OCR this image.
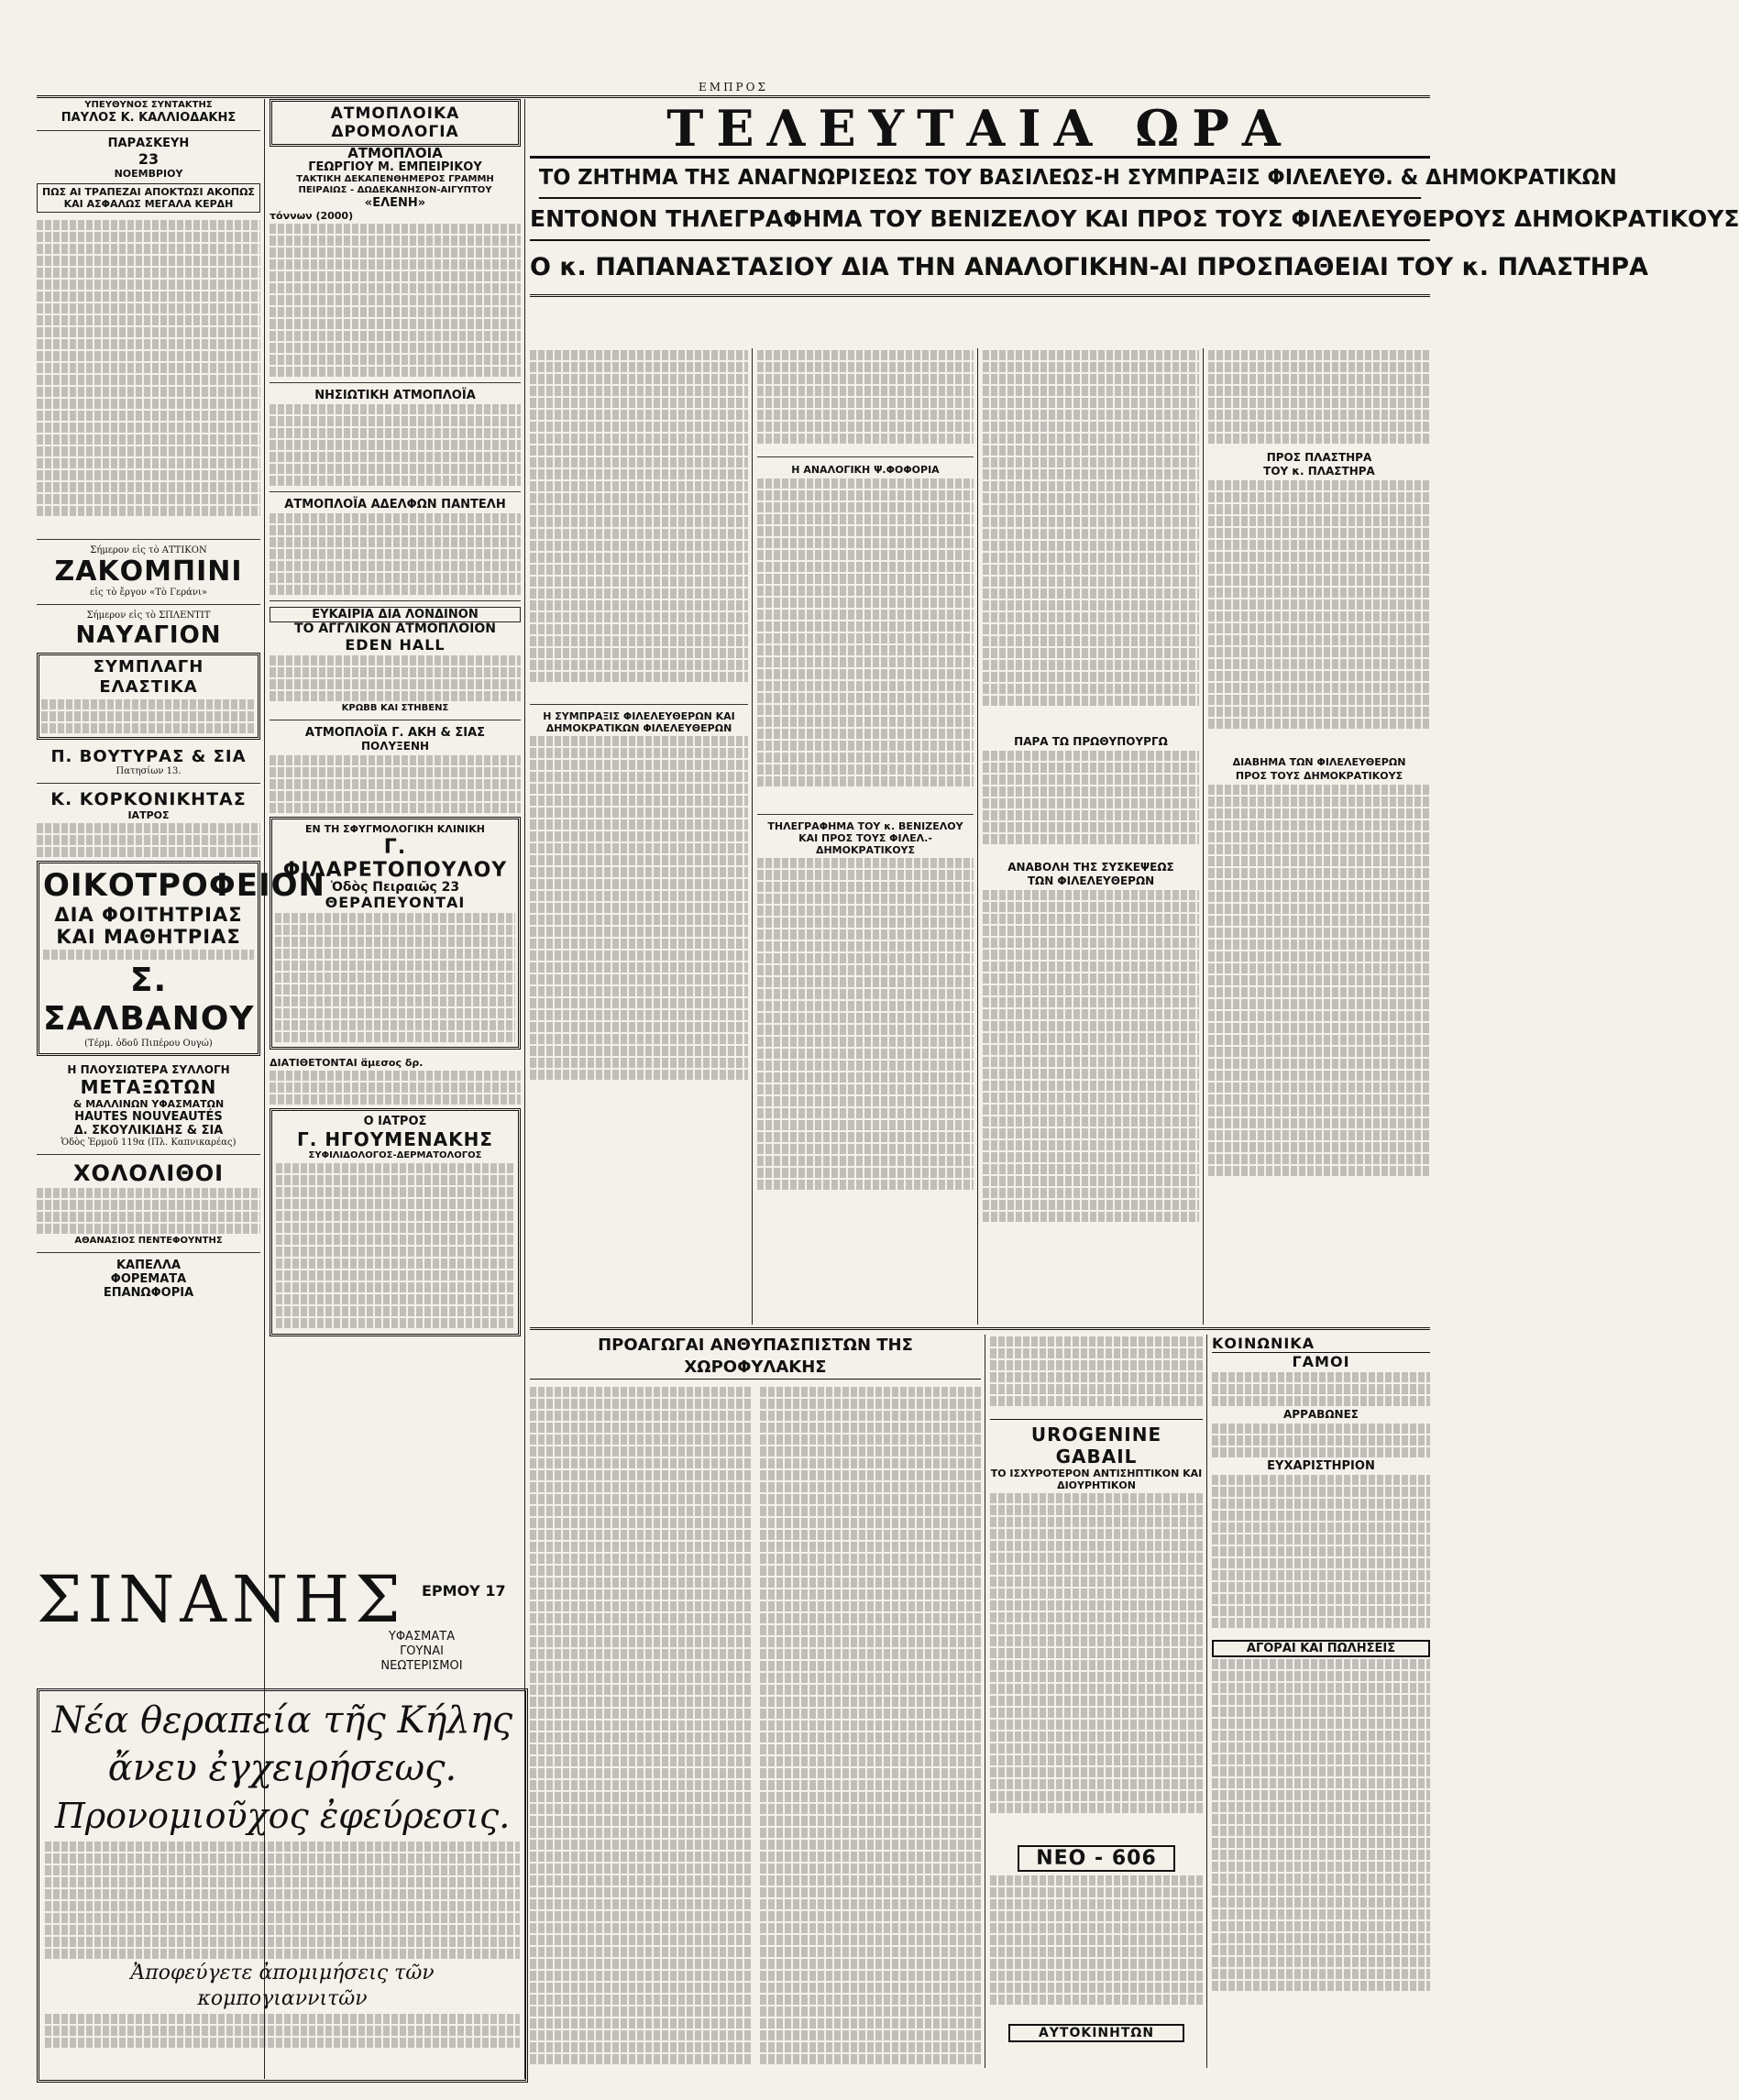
ΕΜΠΡΟΣ
ΥΠΕΥΘΥΝΟΣ ΣΥΝΤΑΚΤΗΣ
ΠΑΥΛΟΣ Κ. ΚΑΛΛΙΟΔΑΚΗΣ
ΠΑΡΑΣΚΕΥΗ
23
ΝΟΕΜΒΡΙΟΥ
ΠΩΣ ΑΙ ΤΡΑΠΕΖΑΙ ΑΠΟΚΤΩΣΙ ΑΚΟΠΩΣ ΚΑΙ ΑΣΦΑΛΩΣ ΜΕΓΑΛΑ ΚΕΡΔΗ
Σήμερον εἰς τὸ ΑΤΤΙΚΟΝ
ΖΑΚΟΜΠΙΝΙ
εἰς τὸ ἔργον «Τὸ Γεράνι»
Σήμερον εἰς τὸ ΣΠΛΕΝΤΙΤ
ΝΑΥΑΓΙΟΝ
ΣΥΜΠΛΑΓΗ ΕΛΑΣΤΙΚΑ
Π. ΒΟΥΤΥΡΑΣ & ΣΙΑ
Πατησίων 13.
Κ. ΚΟΡΚΟΝΙΚΗΤΑΣ
ΙΑΤΡΟΣ
ΟΙΚΟΤΡΟΦΕΙΟΝ
ΔΙΑ ΦΟΙΤΗΤΡΙΑΣ
ΚΑΙ ΜΑΘΗΤΡΙΑΣ
Σ. ΣΑΛΒΑΝΟΥ
(Τέρμ. ὁδοῦ Πιπέρου Ουγώ)
Η ΠΛΟΥΣΙΩΤΕΡΑ ΣΥΛΛΟΓΗ
ΜΕΤΑΞΩΤΩΝ
& ΜΑΛΛΙΝΩΝ ΥΦΑΣΜΑΤΩΝ
HAUTES NOUVEAUTÉS
Δ. ΣΚΟΥΛΙΚΙΔΗΣ & ΣΙΑ
Ὁδὸς Ἑρμοῦ 119α (Πλ. Καπνικαρέας)
ΧΟΛΟΛΙΘΟΙ
ΑΘΑΝΑΣΙΟΣ ΠΕΝΤΕΦΟΥΝΤΗΣ
ΚΑΠΕΛΛΑ
ΦΟΡΕΜΑΤΑ
ΕΠΑΝΩΦΟΡΙΑ
ΣΙΝΑΝΗΣ	ΕΡΜΟΥ 17
ΥΦΑΣΜΑΤΑ
ΓΟΥΝΑΙ
ΝΕΩΤΕΡΙΣΜΟΙ
Νέα θεραπεία τῆς Κήλης
ἄνευ ἐγχειρήσεως.
Προνομιοῦχος ἐφεύρεσις.
Ἀποφεύγετε ἀπομιμήσεις τῶν κομπογιαννιτῶν
ΑΤΜΟΠΛΟΙΚΑ ΔΡΟΜΟΛΟΓΙΑ
ΑΤΜΟΠΛΟΙΑ
ΓΕΩΡΓΙΟΥ Μ. ΕΜΠΕΙΡΙΚΟΥ
ΤΑΚΤΙΚΗ ΔΕΚΑΠΕΝΘΗΜΕΡΟΣ ΓΡΑΜΜΗ
ΠΕΙΡΑΙΩΣ - ΔΩΔΕΚΑΝΗΣΟΝ-ΑΙΓΥΠΤΟΥ
«ΕΛΕΝΗ»
τόννων (2000)
ΝΗΣΙΩΤΙΚΗ ΑΤΜΟΠΛΟΪΑ
ΑΤΜΟΠΛΟΪΑ ΑΔΕΛΦΩΝ ΠΑΝΤΕΛΗ
ΕΥΚΑΙΡΙΑ ΔΙΑ ΛΟΝΔΙΝΟΝ
ΤΟ ΑΓΓΛΙΚΟΝ ΑΤΜΟΠΛΟΙΟΝ
EDEN HALL
ΚΡΩΒΒ ΚΑΙ ΣΤΗΒΕΝΣ
ΑΤΜΟΠΛΟΪΑ Γ. ΑΚΗ & ΣΙΑΣ
ΠΟΛΥΞΕΝΗ
ΕΝ ΤΗ ΣΦΥΓΜΟΛΟΓΙΚΗ ΚΛΙΝΙΚΗ
Γ. ΦΙΛΑΡΕΤΟΠΟΥΛΟΥ
Ὁδὸς Πειραιῶς 23
ΘΕΡΑΠΕΥΟΝΤΑΙ
ΔΙΑΤΙΘΕΤΟΝΤΑΙ ἅμεσος δρ.
Ο ΙΑΤΡΟΣ
Γ. ΗΓΟΥΜΕΝΑΚΗΣ
ΣΥΦΙΛΙΔΟΛΟΓΟΣ-ΔΕΡΜΑΤΟΛΟΓΟΣ
ΤΕΛΕΥΤΑΙΑ ΩΡΑ
ΤΟ ΖΗΤΗΜΑ ΤΗΣ ΑΝΑΓΝΩΡΙΣΕΩΣ ΤΟΥ ΒΑΣΙΛΕΩΣ-Η ΣΥΜΠΡΑΞΙΣ ΦΙΛΕΛΕΥΘ. & ΔΗΜΟΚΡΑΤΙΚΩΝ
ΕΝΤΟΝΟΝ ΤΗΛΕΓΡΑΦΗΜΑ ΤΟΥ ΒΕΝΙΖΕΛΟΥ ΚΑΙ ΠΡΟΣ ΤΟΥΣ ΦΙΛΕΛΕΥΘΕΡΟΥΣ ΔΗΜΟΚΡΑΤΙΚΟΥΣ
Ο κ. ΠΑΠΑΝΑΣΤΑΣΙΟΥ ΔΙΑ ΤΗΝ ΑΝΑΛΟΓΙΚΗΝ-ΑΙ ΠΡΟΣΠΑΘΕΙΑΙ ΤΟΥ κ. ΠΛΑΣΤΗΡΑ
Η ΣΥΜΠΡΑΞΙΣ ΦΙΛΕΛΕΥΘΕΡΩΝ ΚΑΙ ΔΗΜΟΚΡΑΤΙΚΩΝ ΦΙΛΕΛΕΥΘΕΡΩΝ
Η ΑΝΑΛΟΓΙΚΗ Ψ.ΦΟΦΟΡΙΑ
ΤΗΛΕΓΡΑΦΗΜΑ ΤΟΥ κ. ΒΕΝΙΖΕΛΟΥ ΚΑΙ ΠΡΟΣ ΤΟΥΣ ΦΙΛΕΛ.-ΔΗΜΟΚΡΑΤΙΚΟΥΣ
ΠΑΡΑ ΤΩ ΠΡΩΘΥΠΟΥΡΓΩ
ΑΝΑΒΟΛΗ ΤΗΣ ΣΥΣΚΕΨΕΩΣ
ΤΩΝ ΦΙΛΕΛΕΥΘΕΡΩΝ
ΠΡΟΣ ΠΛΑΣΤΗΡΑ
ΤΟΥ κ. ΠΛΑΣΤΗΡΑ
ΔΙΑΒΗΜΑ ΤΩΝ ΦΙΛΕΛΕΥΘΕΡΩΝ
ΠΡΟΣ ΤΟΥΣ ΔΗΜΟΚΡΑΤΙΚΟΥΣ
ΠΡΟΑΓΩΓΑΙ ΑΝΘΥΠΑΣΠΙΣΤΩΝ ΤΗΣ ΧΩΡΟΦΥΛΑΚΗΣ
UROGENINE GABAIL
ΤΟ ΙΣΧΥΡΟΤΕΡΟΝ ΑΝΤΙΣΗΠΤΙΚΟΝ ΚΑΙ ΔΙΟΥΡΗΤΙΚΟΝ
ΝΕΟ - 606
ΑΥΤΟΚΙΝΗΤΩΝ
ΚΟΙΝΩΝΙΚΑ
ΓΑΜΟΙ
ΑΡΡΑΒΩΝΕΣ
ΕΥΧΑΡΙΣΤΗΡΙΟΝ
ΑΓΟΡΑΙ ΚΑΙ ΠΩΛΗΣΕΙΣ
